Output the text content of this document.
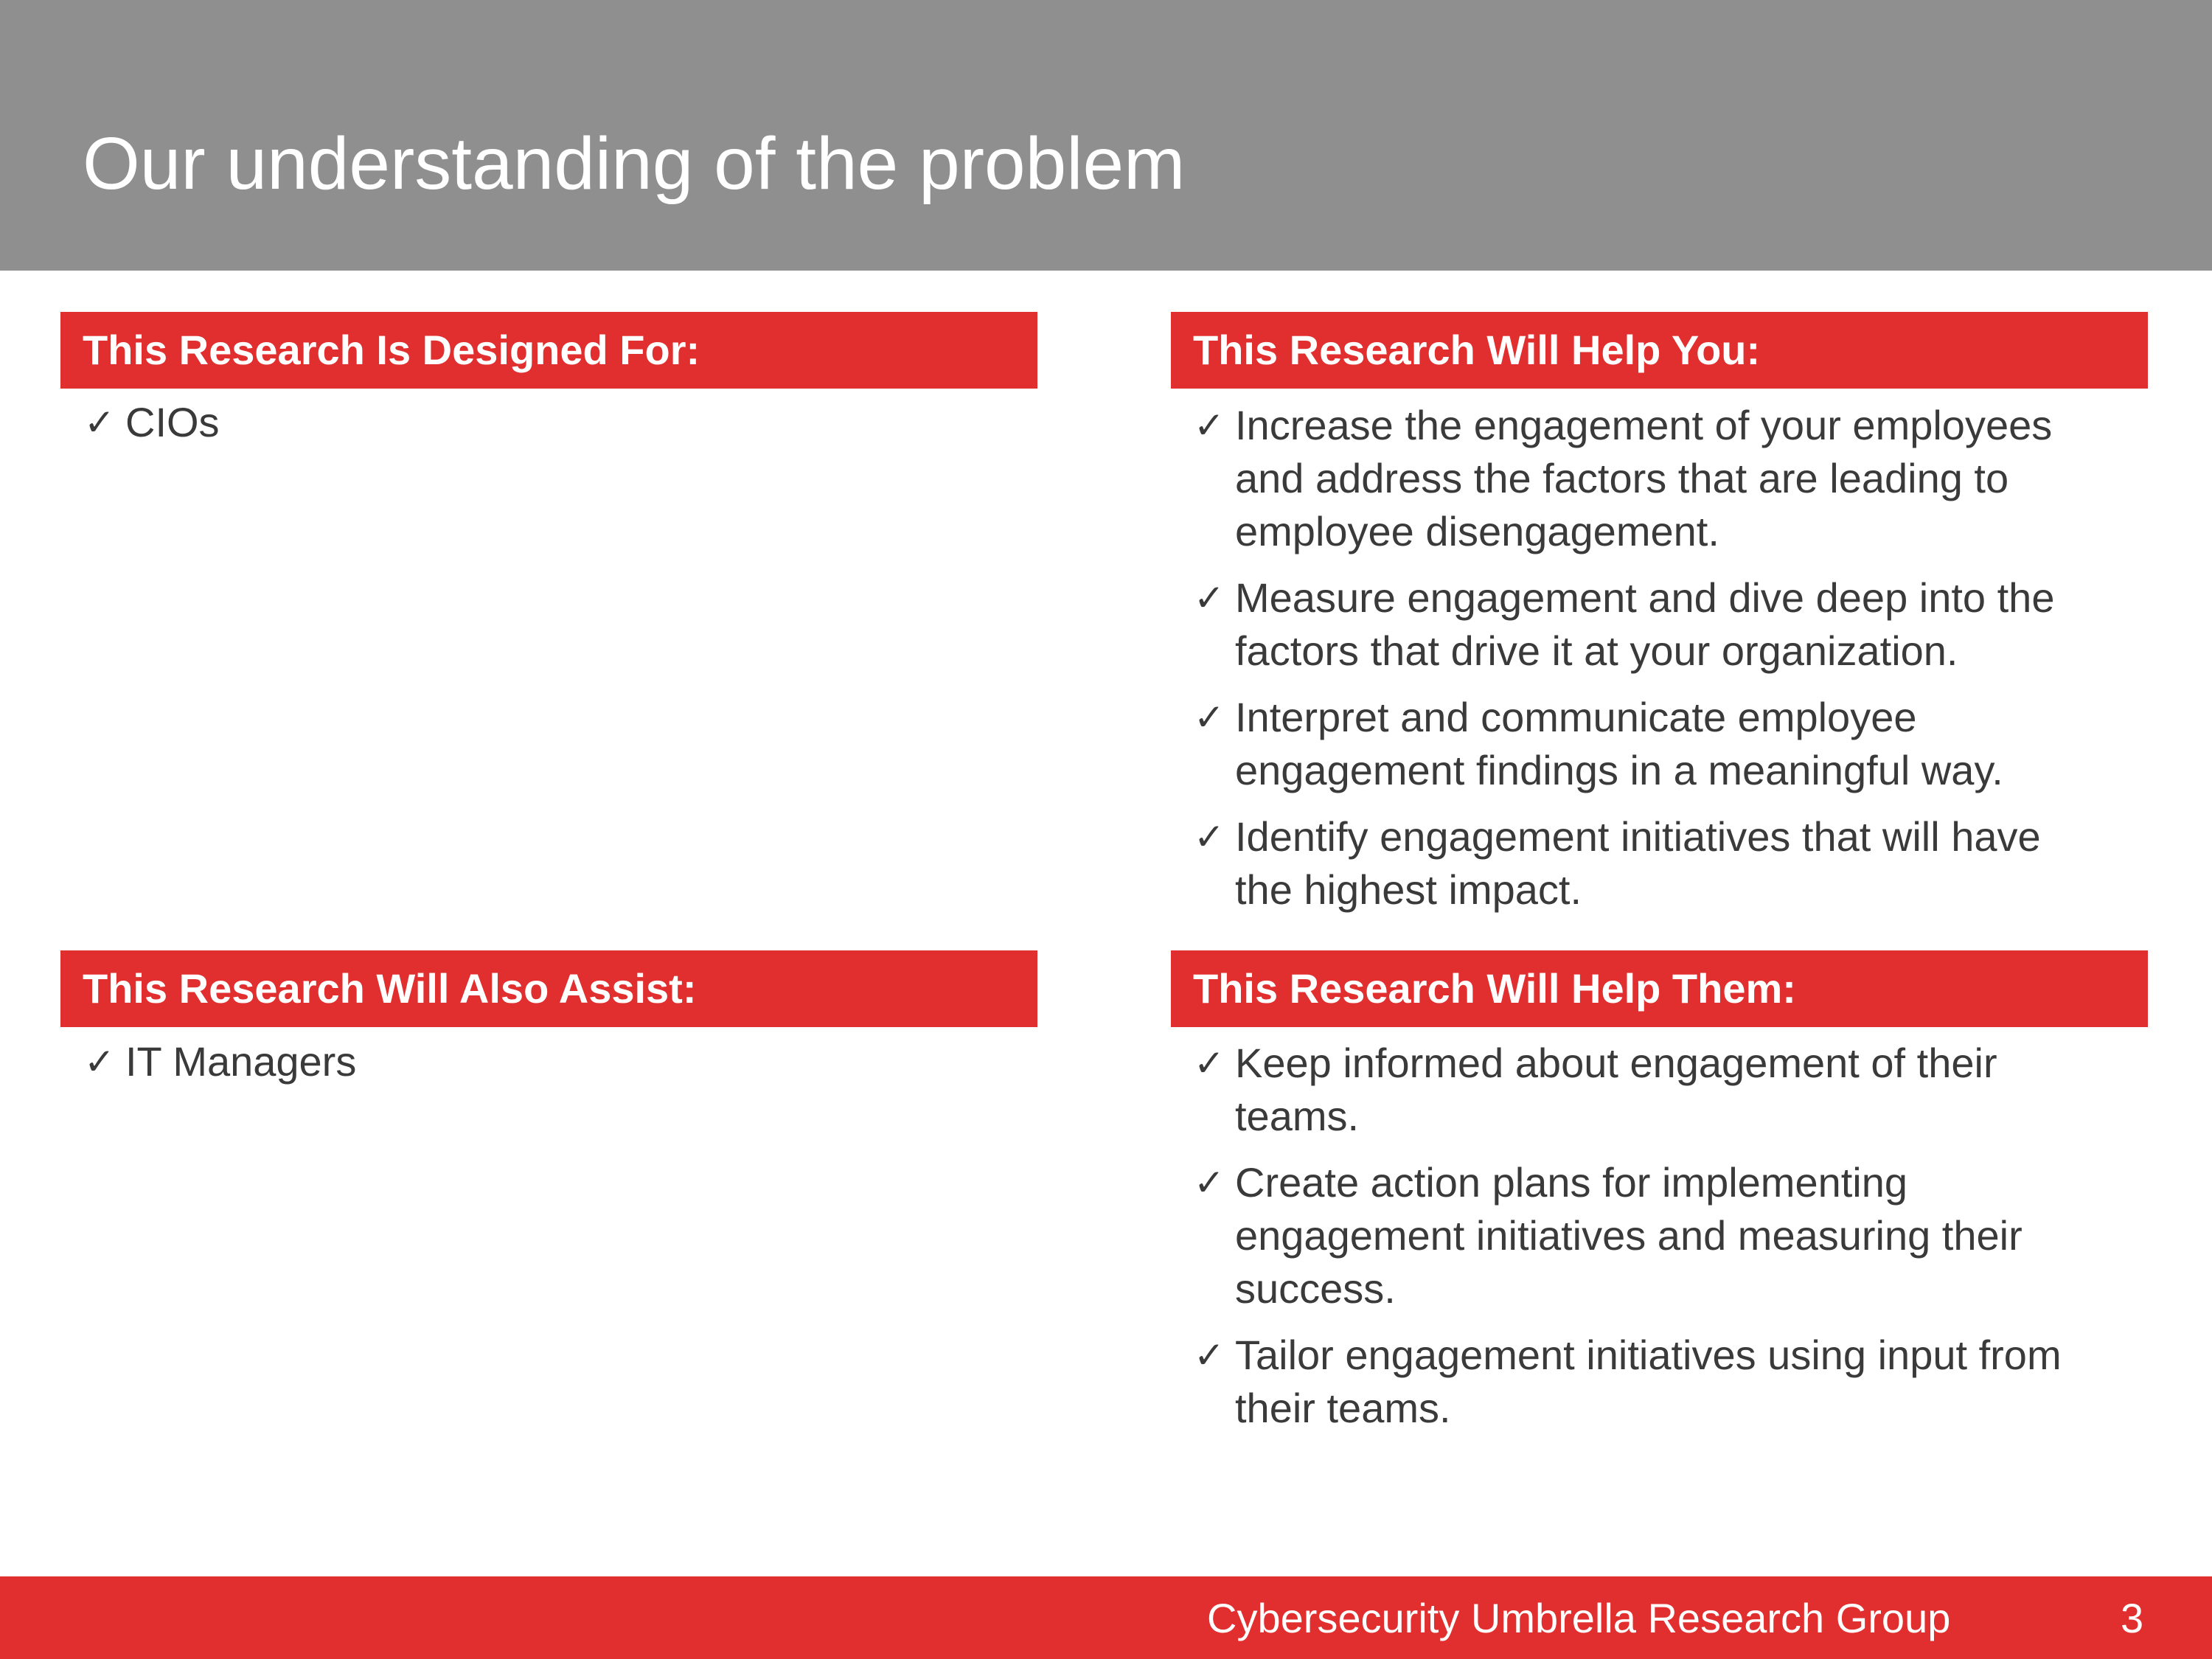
Our understanding of the problem
This Research Is Designed For:
✓ CIOs
This Research Will Help You:
✓ Increase the engagement of your employees and address the factors that are leading to employee disengagement.
✓ Measure engagement and dive deep into the factors that drive it at your organization.
✓ Interpret and communicate employee engagement findings in a meaningful way.
✓ Identify engagement initiatives that will have the highest impact.
This Research Will Also Assist:
✓ IT Managers
This Research Will Help Them:
✓ Keep informed about engagement of their teams.
✓ Create action plans for implementing engagement initiatives and measuring their success.
✓ Tailor engagement initiatives using input from their teams.
Cybersecurity Umbrella Research Group	3
